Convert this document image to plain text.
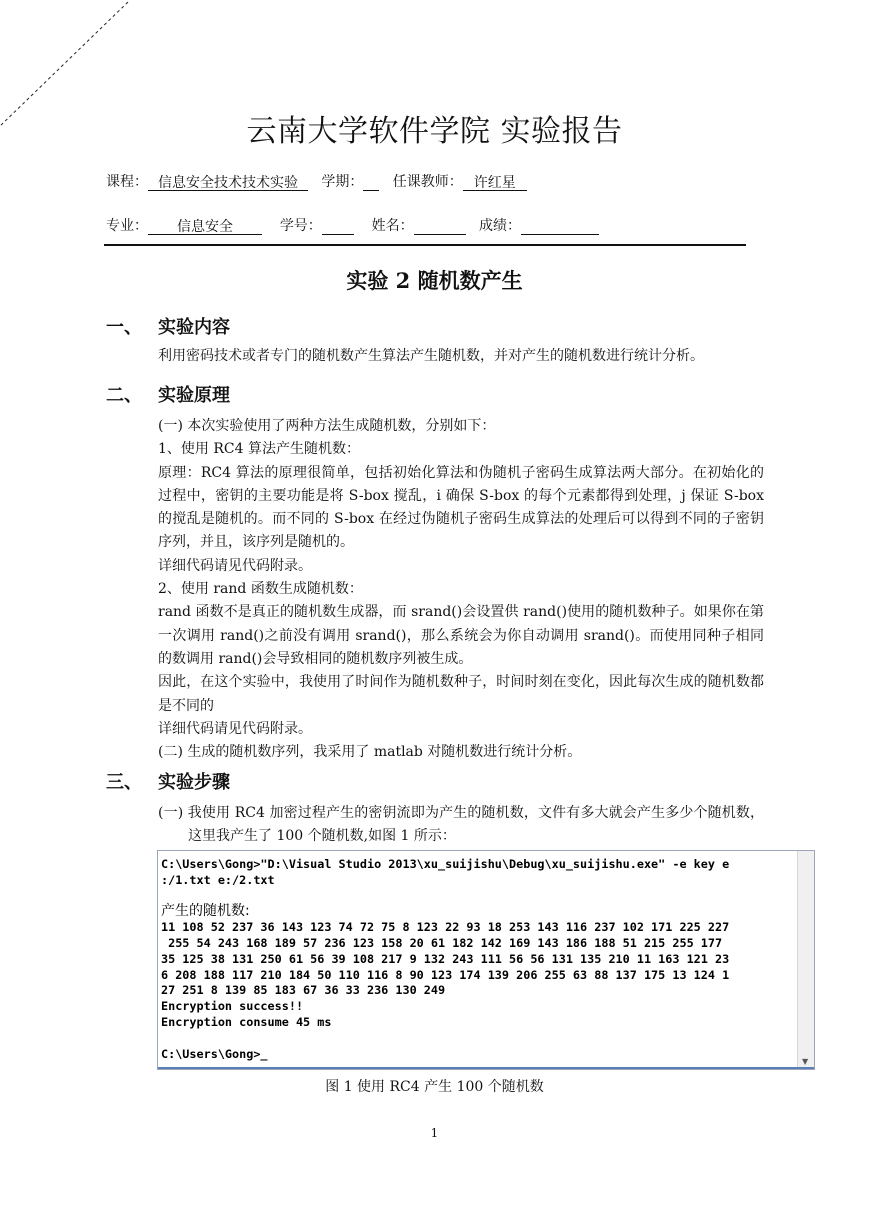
云南大学软件学院 实验报告
课程： 信息安全技术技术实验 学期： 任课教师： 许红星
专业： 信息安全	学号：	姓名：	成绩：
实验 2 随机数产生
一、 实验内容

利用密码技术或者专门的随机数产生算法产生随机数，并对产生的随机数进行统计分析。

二、 实验原理

(一) 本次实验使用了两种方法生成随机数，分别如下：

1、使用 RC4 算法产生随机数：

原理：RC4 算法的原理很简单，包括初始化算法和伪随机子密码生成算法两大部分。在初始化的过程中，密钥的主要功能是将 S-box 搅乱，i 确保 S-box 的每个元素都得到处理，j 保证 S-box 的搅乱是随机的。而不同的 S-box 在经过伪随机子密码生成算法的处理后可以得到不同的子密钥序列，并且，该序列是随机的。

详细代码请见代码附录。

2、使用 rand 函数生成随机数：

rand 函数不是真正的随机数生成器，而 srand()会设置供 rand()使用的随机数种子。如果你在第一次调用 rand()之前没有调用 srand()，那么系统会为你自动调用 srand()。而使用同种子相同的数调用 rand()会导致相同的随机数序列被生成。

因此，在这个实验中，我使用了时间作为随机数种子，时间时刻在变化，因此每次生成的随机数都是不同的

详细代码请见代码附录。

(二) 生成的随机数序列，我采用了 matlab 对随机数进行统计分析。

三、 实验步骤

(一) 我使用 RC4 加密过程产生的密钥流即为产生的随机数，文件有多大就会产生多少个随机数，这里我产生了 100 个随机数,如图 1 所示：

C:\Users\Gong>"D:\Visual Studio 2013\xu_suijishu\Debug\xu_suijishu.exe" -e key e
:/1.txt e:/2.txt

产生的随机数:
11 108 52 237 36 143 123 74 72 75 8 123 22 93 18 253 143 116 237 102 171 225 227
255 54 243 168 189 57 236 123 158 20 61 182 142 169 143 186 188 51 215 255 177
35 125 38 131 250 61 56 39 108 217 9 132 243 111 56 56 131 135 210 11 163 121 23
6 208 188 117 210 184 50 110 116 8 90 123 174 139 206 255 63 88 137 175 13 124 1
27 251 8 139 85 183 67 36 33 236 130 249
Encryption success!!
Encryption consume 45 ms

C:\Users\Gong>_
▼
图 1 使用 RC4 产生 100 个随机数
1
